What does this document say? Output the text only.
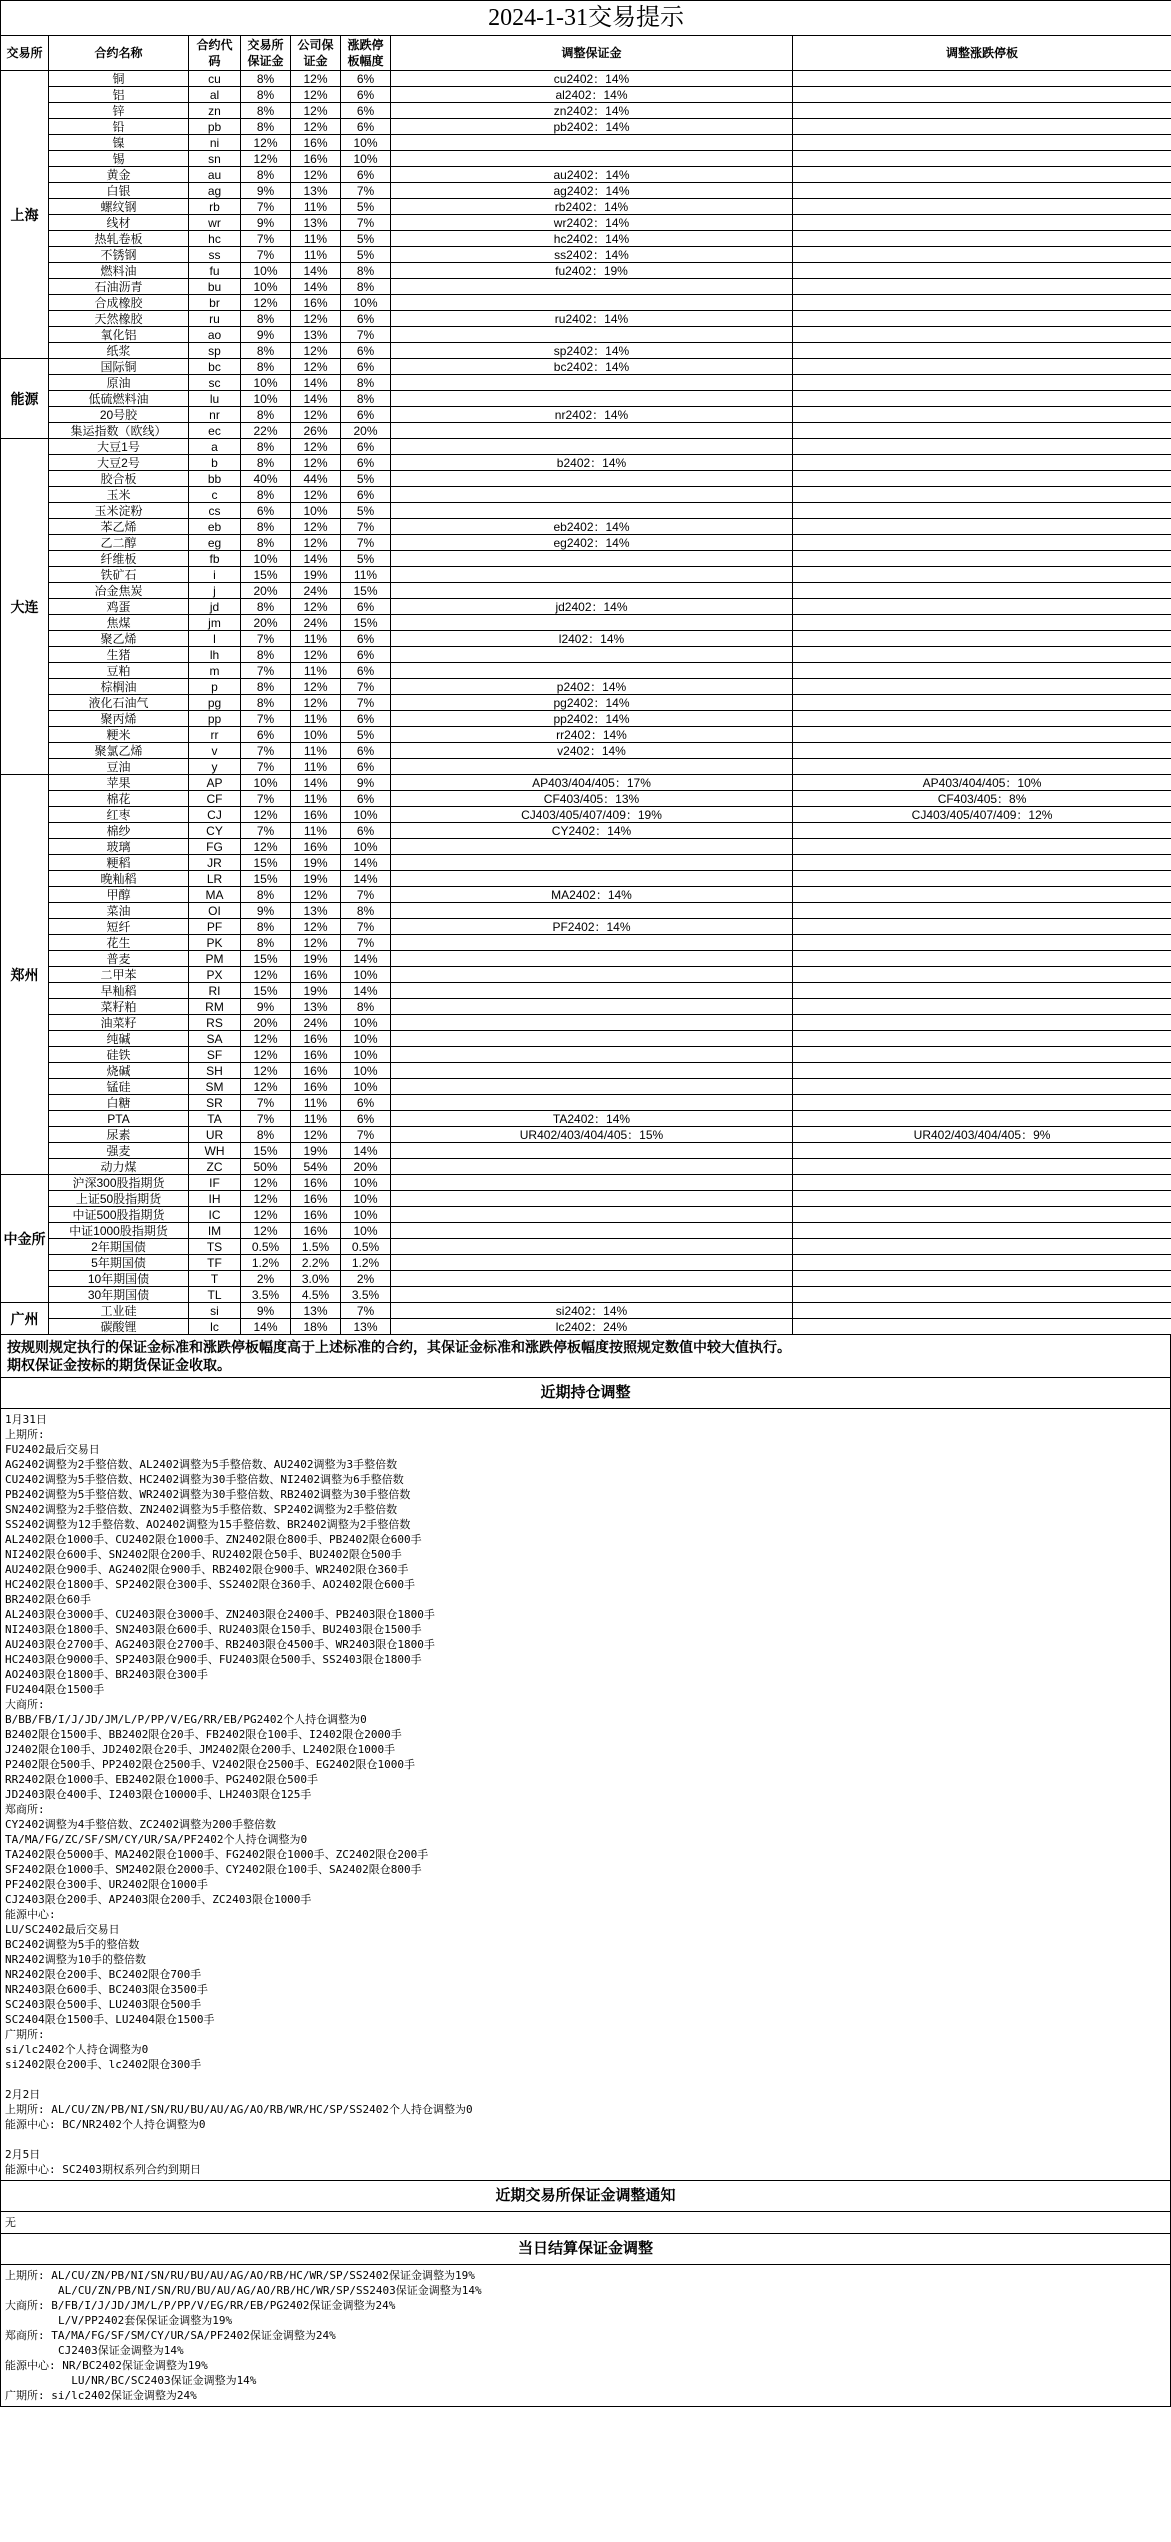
2024-1-31交易提示							
交易所	合约名称	合约代码	交易所保证金	公司保证金	涨跌停板幅度	调整保证金	调整涨跌停板
上海	铜	cu	8%	12%	6%	cu2402：14%	
	铝	al	8%	12%	6%	al2402：14%	
	锌	zn	8%	12%	6%	zn2402：14%	
	铅	pb	8%	12%	6%	pb2402：14%	
	镍	ni	12%	16%	10%		
	锡	sn	12%	16%	10%		
	黄金	au	8%	12%	6%	au2402：14%	
	白银	ag	9%	13%	7%	ag2402：14%	
	螺纹钢	rb	7%	11%	5%	rb2402：14%	
	线材	wr	9%	13%	7%	wr2402：14%	
	热轧卷板	hc	7%	11%	5%	hc2402：14%	
	不锈钢	ss	7%	11%	5%	ss2402：14%	
	燃料油	fu	10%	14%	8%	fu2402：19%	
	石油沥青	bu	10%	14%	8%		
	合成橡胶	br	12%	16%	10%		
	天然橡胶	ru	8%	12%	6%	ru2402：14%	
	氧化铝	ao	9%	13%	7%		
	纸浆	sp	8%	12%	6%	sp2402：14%	
能源	国际铜	bc	8%	12%	6%	bc2402：14%	
	原油	sc	10%	14%	8%		
	低硫燃料油	lu	10%	14%	8%		
	20号胶	nr	8%	12%	6%	nr2402：14%	
	集运指数（欧线）	ec	22%	26%	20%		
大连	大豆1号	a	8%	12%	6%		
	大豆2号	b	8%	12%	6%	b2402：14%	
	胶合板	bb	40%	44%	5%		
	玉米	c	8%	12%	6%		
	玉米淀粉	cs	6%	10%	5%		
	苯乙烯	eb	8%	12%	7%	eb2402：14%	
	乙二醇	eg	8%	12%	7%	eg2402：14%	
	纤维板	fb	10%	14%	5%		
	铁矿石	i	15%	19%	11%		
	冶金焦炭	j	20%	24%	15%		
	鸡蛋	jd	8%	12%	6%	jd2402：14%	
	焦煤	jm	20%	24%	15%		
	聚乙烯	l	7%	11%	6%	l2402：14%	
	生猪	lh	8%	12%	6%		
	豆粕	m	7%	11%	6%		
	棕榈油	p	8%	12%	7%	p2402：14%	
	液化石油气	pg	8%	12%	7%	pg2402：14%	
	聚丙烯	pp	7%	11%	6%	pp2402：14%	
	粳米	rr	6%	10%	5%	rr2402：14%	
	聚氯乙烯	v	7%	11%	6%	v2402：14%	
	豆油	y	7%	11%	6%		
郑州	苹果	AP	10%	14%	9%	AP403/404/405：17%	AP403/404/405：10%
	棉花	CF	7%	11%	6%	CF403/405：13%	CF403/405：8%
	红枣	CJ	12%	16%	10%	CJ403/405/407/409：19%	CJ403/405/407/409：12%
	棉纱	CY	7%	11%	6%	CY2402：14%	
	玻璃	FG	12%	16%	10%		
	粳稻	JR	15%	19%	14%		
	晚籼稻	LR	15%	19%	14%		
	甲醇	MA	8%	12%	7%	MA2402：14%	
	菜油	OI	9%	13%	8%		
	短纤	PF	8%	12%	7%	PF2402：14%	
	花生	PK	8%	12%	7%		
	普麦	PM	15%	19%	14%		
	二甲苯	PX	12%	16%	10%		
	早籼稻	RI	15%	19%	14%		
	菜籽粕	RM	9%	13%	8%		
	油菜籽	RS	20%	24%	10%		
	纯碱	SA	12%	16%	10%		
	硅铁	SF	12%	16%	10%		
	烧碱	SH	12%	16%	10%		
	锰硅	SM	12%	16%	10%		
	白糖	SR	7%	11%	6%		
	PTA	TA	7%	11%	6%	TA2402：14%	
	尿素	UR	8%	12%	7%	UR402/403/404/405：15%	UR402/403/404/405：9%
	强麦	WH	15%	19%	14%		
	动力煤	ZC	50%	54%	20%		
中金所	沪深300股指期货	IF	12%	16%	10%		
	上证50股指期货	IH	12%	16%	10%		
	中证500股指期货	IC	12%	16%	10%		
	中证1000股指期货	IM	12%	16%	10%		
	2年期国债	TS	0.5%	1.5%	0.5%		
	5年期国债	TF	1.2%	2.2%	1.2%		
	10年期国债	T	2%	3.0%	2%		
	30年期国债	TL	3.5%	4.5%	3.5%		
广州	工业硅	si	9%	13%	7%	si2402：14%	
	碳酸锂	lc	14%	18%	13%	lc2402：24%	
按规则规定执行的保证金标准和涨跌停板幅度高于上述标准的合约，其保证金标准和涨跌停板幅度按照规定数值中较大值执行。
期权保证金按标的期货保证金收取。
近期持仓调整
1月31日
上期所:
FU2402最后交易日
AG2402调整为2手整倍数、AL2402调整为5手整倍数、AU2402调整为3手整倍数
CU2402调整为5手整倍数、HC2402调整为30手整倍数、NI2402调整为6手整倍数
PB2402调整为5手整倍数、WR2402调整为30手整倍数、RB2402调整为30手整倍数
SN2402调整为2手整倍数、ZN2402调整为5手整倍数、SP2402调整为2手整倍数
SS2402调整为12手整倍数、AO2402调整为15手整倍数、BR2402调整为2手整倍数
AL2402限仓1000手、CU2402限仓1000手、ZN2402限仓800手、PB2402限仓600手
NI2402限仓600手、SN2402限仓200手、RU2402限仓50手、BU2402限仓500手
AU2402限仓900手、AG2402限仓900手、RB2402限仓900手、WR2402限仓360手
HC2402限仓1800手、SP2402限仓300手、SS2402限仓360手、AO2402限仓600手
BR2402限仓60手
AL2403限仓3000手、CU2403限仓3000手、ZN2403限仓2400手、PB2403限仓1800手
NI2403限仓1800手、SN2403限仓600手、RU2403限仓150手、BU2403限仓1500手
AU2403限仓2700手、AG2403限仓2700手、RB2403限仓4500手、WR2403限仓1800手
HC2403限仓9000手、SP2403限仓900手、FU2403限仓500手、SS2403限仓1800手
AO2403限仓1800手、BR2403限仓300手
FU2404限仓1500手
大商所:
B/BB/FB/I/J/JD/JM/L/P/PP/V/EG/RR/EB/PG2402个人持仓调整为0
B2402限仓1500手、BB2402限仓20手、FB2402限仓100手、I2402限仓2000手
J2402限仓100手、JD2402限仓20手、JM2402限仓200手、L2402限仓1000手
P2402限仓500手、PP2402限仓2500手、V2402限仓2500手、EG2402限仓1000手
RR2402限仓1000手、EB2402限仓1000手、PG2402限仓500手
JD2403限仓400手、I2403限仓10000手、LH2403限仓125手
郑商所:
CY2402调整为4手整倍数、ZC2402调整为200手整倍数
TA/MA/FG/ZC/SF/SM/CY/UR/SA/PF2402个人持仓调整为0
TA2402限仓5000手、MA2402限仓1000手、FG2402限仓1000手、ZC2402限仓200手
SF2402限仓1000手、SM2402限仓2000手、CY2402限仓100手、SA2402限仓800手
PF2402限仓300手、UR2402限仓1000手
CJ2403限仓200手、AP2403限仓200手、ZC2403限仓1000手
能源中心:
LU/SC2402最后交易日
BC2402调整为5手的整倍数
NR2402调整为10手的整倍数
NR2402限仓200手、BC2402限仓700手
NR2403限仓600手、BC2403限仓3500手
SC2403限仓500手、LU2403限仓500手
SC2404限仓1500手、LU2404限仓1500手
广期所:
si/lc2402个人持仓调整为0
si2402限仓200手、lc2402限仓300手
2月2日
上期所: AL/CU/ZN/PB/NI/SN/RU/BU/AU/AG/AO/RB/WR/HC/SP/SS2402个人持仓调整为0
能源中心: BC/NR2402个人持仓调整为0
2月5日
能源中心: SC2403期权系列合约到期日
近期交易所保证金调整通知
无
当日结算保证金调整
上期所: AL/CU/ZN/PB/NI/SN/RU/BU/AU/AG/AO/RB/HC/WR/SP/SS2402保证金调整为19%
AL/CU/ZN/PB/NI/SN/RU/BU/AU/AG/AO/RB/HC/WR/SP/SS2403保证金调整为14%
大商所: B/FB/I/J/JD/JM/L/P/PP/V/EG/RR/EB/PG2402保证金调整为24%
L/V/PP2402套保保证金调整为19%
郑商所: TA/MA/FG/SF/SM/CY/UR/SA/PF2402保证金调整为24%
CJ2403保证金调整为14%
能源中心: NR/BC2402保证金调整为19%
LU/NR/BC/SC2403保证金调整为14%
广期所: si/lc2402保证金调整为24%
